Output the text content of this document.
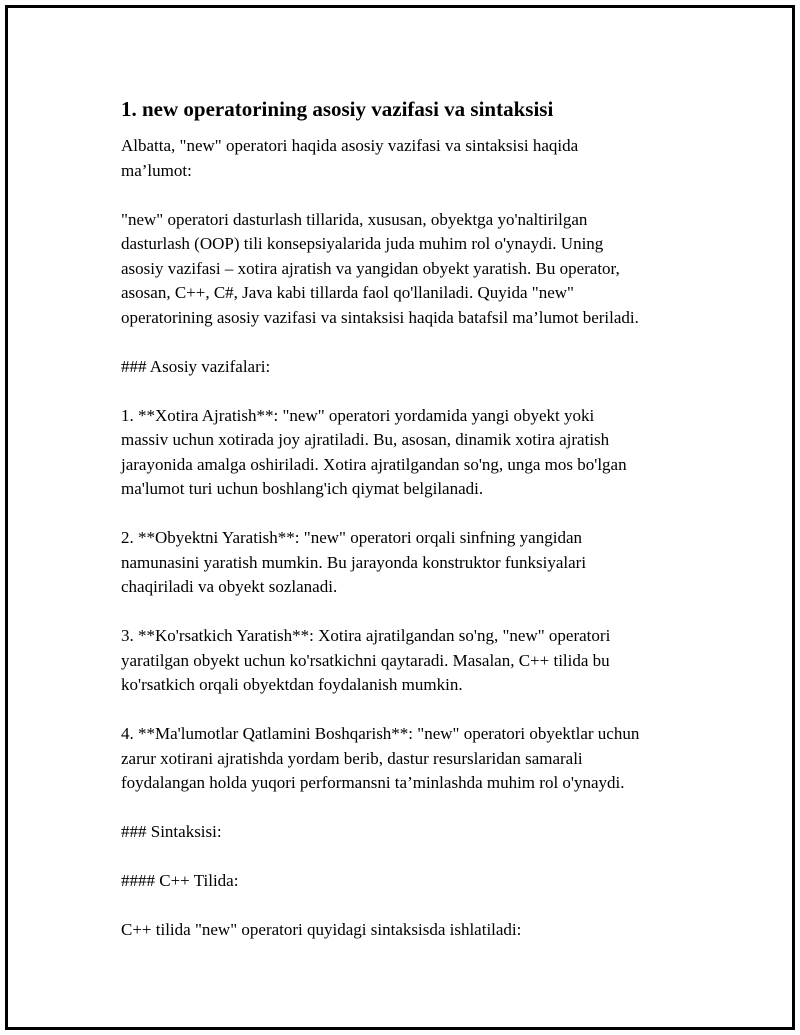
1. new operatorining asosiy vazifasi va sintaksisi

Albatta, "new" operatori haqida asosiy vazifasi va sintaksisi haqida
ma’lumot:

"new" operatori dasturlash tillarida, xususan, obyektga yo'naltirilgan
dasturlash (OOP) tili konsepsiyalarida juda muhim rol o'ynaydi. Uning
asosiy vazifasi – xotira ajratish va yangidan obyekt yaratish. Bu operator,
asosan, C++, C#, Java kabi tillarda faol qo'llaniladi. Quyida "new"
operatorining asosiy vazifasi va sintaksisi haqida batafsil ma’lumot beriladi.

### Asosiy vazifalari:

1. **Xotira Ajratish**: "new" operatori yordamida yangi obyekt yoki
massiv uchun xotirada joy ajratiladi. Bu, asosan, dinamik xotira ajratish
jarayonida amalga oshiriladi. Xotira ajratilgandan so'ng, unga mos bo'lgan
ma'lumot turi uchun boshlang'ich qiymat belgilanadi.

2. **Obyektni Yaratish**: "new" operatori orqali sinfning yangidan
namunasini yaratish mumkin. Bu jarayonda konstruktor funksiyalari
chaqiriladi va obyekt sozlanadi.

3. **Ko'rsatkich Yaratish**: Xotira ajratilgandan so'ng, "new" operatori
yaratilgan obyekt uchun ko'rsatkichni qaytaradi. Masalan, C++ tilida bu
ko'rsatkich orqali obyektdan foydalanish mumkin.

4. **Ma'lumotlar Qatlamini Boshqarish**: "new" operatori obyektlar uchun
zarur xotirani ajratishda yordam berib, dastur resurslaridan samarali
foydalangan holda yuqori performansni ta’minlashda muhim rol o'ynaydi.

### Sintaksisi:

#### C++ Tilida:

C++ tilida "new" operatori quyidagi sintaksisda ishlatiladi:
